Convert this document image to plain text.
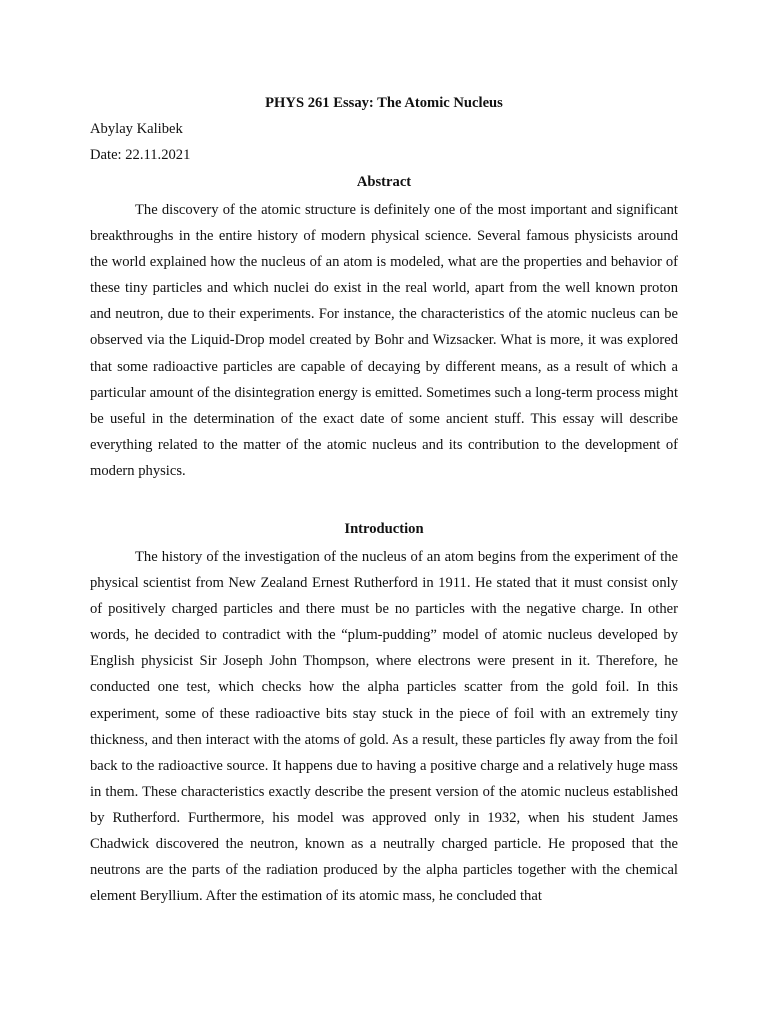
PHYS 261 Essay: The Atomic Nucleus
Abylay Kalibek
Date: 22.11.2021
Abstract

The discovery of the atomic structure is definitely one of the most important and significant breakthroughs in the entire history of modern physical science. Several famous physicists around the world explained how the nucleus of an atom is modeled, what are the properties and behavior of these tiny particles and which nuclei do exist in the real world, apart from the well known proton and neutron, due to their experiments. For instance, the characteristics of the atomic nucleus can be observed via the Liquid-Drop model created by Bohr and Wizsacker. What is more, it was explored that some radioactive particles are capable of decaying by different means, as a result of which a particular amount of the disintegration energy is emitted. Sometimes such a long-term process might be useful in the determination of the exact date of some ancient stuff. This essay will describe everything related to the matter of the atomic nucleus and its contribution to the development of modern physics.

Introduction

The history of the investigation of the nucleus of an atom begins from the experiment of the physical scientist from New Zealand Ernest Rutherford in 1911. He stated that it must consist only of positively charged particles and there must be no particles with the negative charge. In other words, he decided to contradict with the “plum-pudding” model of atomic nucleus developed by English physicist Sir Joseph John Thompson, where electrons were present in it. Therefore, he conducted one test, which checks how the alpha particles scatter from the gold foil. In this experiment, some of these radioactive bits stay stuck in the piece of foil with an extremely tiny thickness, and then interact with the atoms of gold. As a result, these particles fly away from the foil back to the radioactive source. It happens due to having a positive charge and a relatively huge mass in them. These characteristics exactly describe the present version of the atomic nucleus established by Rutherford. Furthermore, his model was approved only in 1932, when his student James Chadwick discovered the neutron, known as a neutrally charged particle. He proposed that the neutrons are the parts of the radiation produced by the alpha particles together with the chemical element Beryllium. After the estimation of its atomic mass, he concluded that
